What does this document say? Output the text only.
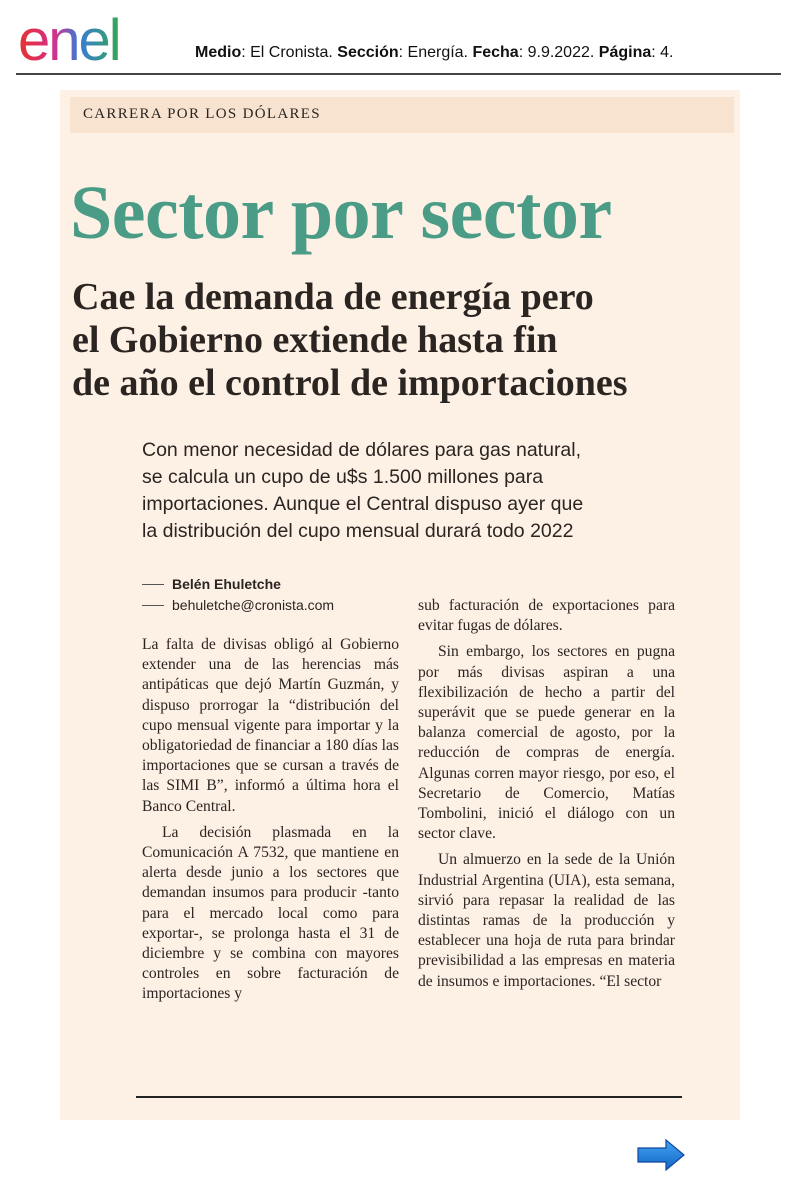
enel	Medio: El Cronista. Sección: Energía. Fecha: 9.9.2022. Página: 4.
CARRERA POR LOS DÓLARES
Sector por sector
Cae la demanda de energía pero
el Gobierno extiende hasta fin
de año el control de importaciones
Con menor necesidad de dólares para gas natural,
se calcula un cupo de u$s 1.500 millones para
importaciones. Aunque el Central dispuso ayer que
la distribución del cupo mensual durará todo 2022
Belén Ehuletche
behuletche@cronista.com

La falta de divisas obligó al Gobierno extender una de las herencias más antipáticas que dejó Martín Guzmán, y dispuso prorrogar la “distribución del cupo mensual vigente para importar y la obligatoriedad de financiar a 180 días las importaciones que se cursan a través de las SIMI B”, informó a última hora el Banco Central.

La decisión plasmada en la Comunicación A 7532, que mantiene en alerta desde junio a los sectores que demandan insumos para producir -tanto para el mercado local como para exportar-, se prolonga hasta el 31 de diciembre y se combina con mayores controles en sobre facturación de importaciones y

sub facturación de exportaciones para evitar fugas de dólares.

Sin embargo, los sectores en pugna por más divisas aspiran a una flexibilización de hecho a partir del superávit que se puede generar en la balanza comercial de agosto, por la reducción de compras de energía. Algunas corren mayor riesgo, por eso, el Secretario de Comercio, Matías Tombolini, inició el diálogo con un sector clave.

Un almuerzo en la sede de la Unión Industrial Argentina (UIA), esta semana, sirvió para repasar la realidad de las distintas ramas de la producción y establecer una hoja de ruta para brindar previsibilidad a las empresas en materia de insumos e importaciones. “El sector
